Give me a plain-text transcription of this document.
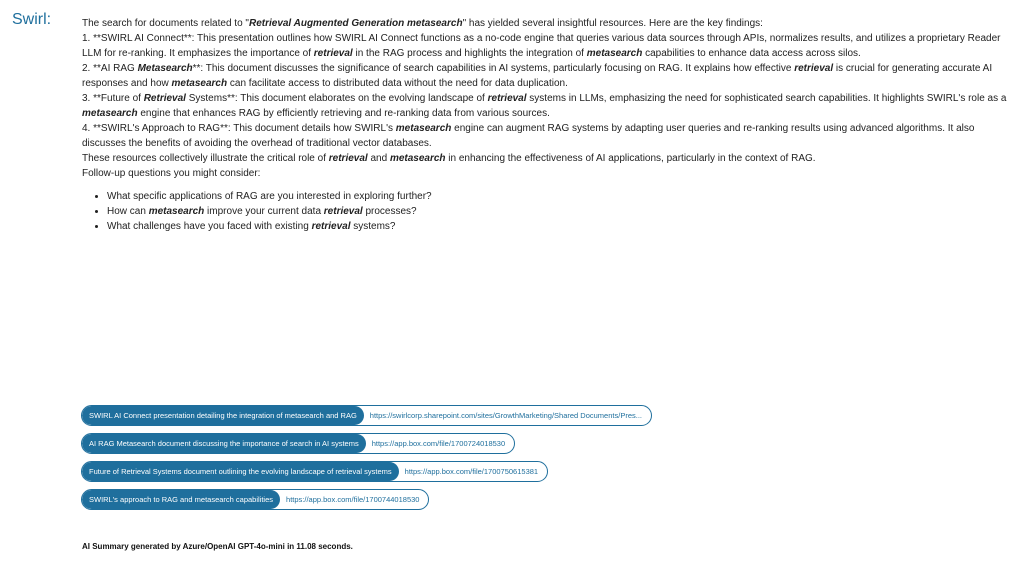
Swirl:	The search for documents related to "Retrieval Augmented Generation metasearch" has yielded several insightful resources. Here are the key findings:

1. **SWIRL AI Connect**: This presentation outlines how SWIRL AI Connect functions as a no-code engine that queries various data sources through APIs, normalizes results, and utilizes a proprietary Reader LLM for re-ranking. It emphasizes the importance of retrieval in the RAG process and highlights the integration of metasearch capabilities to enhance data access across silos.

2. **AI RAG Metasearch**: This document discusses the significance of search capabilities in AI systems, particularly focusing on RAG. It explains how effective retrieval is crucial for generating accurate AI responses and how metasearch can facilitate access to distributed data without the need for data duplication.

3. **Future of Retrieval Systems**: This document elaborates on the evolving landscape of retrieval systems in LLMs, emphasizing the need for sophisticated search capabilities. It highlights SWIRL's role as a metasearch engine that enhances RAG by efficiently retrieving and re-ranking data from various sources.

4. **SWIRL's Approach to RAG**: This document details how SWIRL's metasearch engine can augment RAG systems by adapting user queries and re-ranking results using advanced algorithms. It also discusses the benefits of avoiding the overhead of traditional vector databases.

These resources collectively illustrate the critical role of retrieval and metasearch in enhancing the effectiveness of AI applications, particularly in the context of RAG.

Follow-up questions you might consider:

• What specific applications of RAG are you interested in exploring further?
• How can metasearch improve your current data retrieval processes?
• What challenges have you faced with existing retrieval systems?
SWIRL AI Connect presentation detailing the integration of metasearch and RAG	https://swirlcorp.sharepoint.com/sites/GrowthMarketing/Shared Documents/Pres...
AI RAG Metasearch document discussing the importance of search in AI systems	https://app.box.com/file/1700724018530
Future of Retrieval Systems document outlining the evolving landscape of retrieval systems	https://app.box.com/file/1700750615381
SWIRL's approach to RAG and metasearch capabilities	https://app.box.com/file/1700744018530
AI Summary generated by Azure/OpenAI GPT-4o-mini in 11.08 seconds.
